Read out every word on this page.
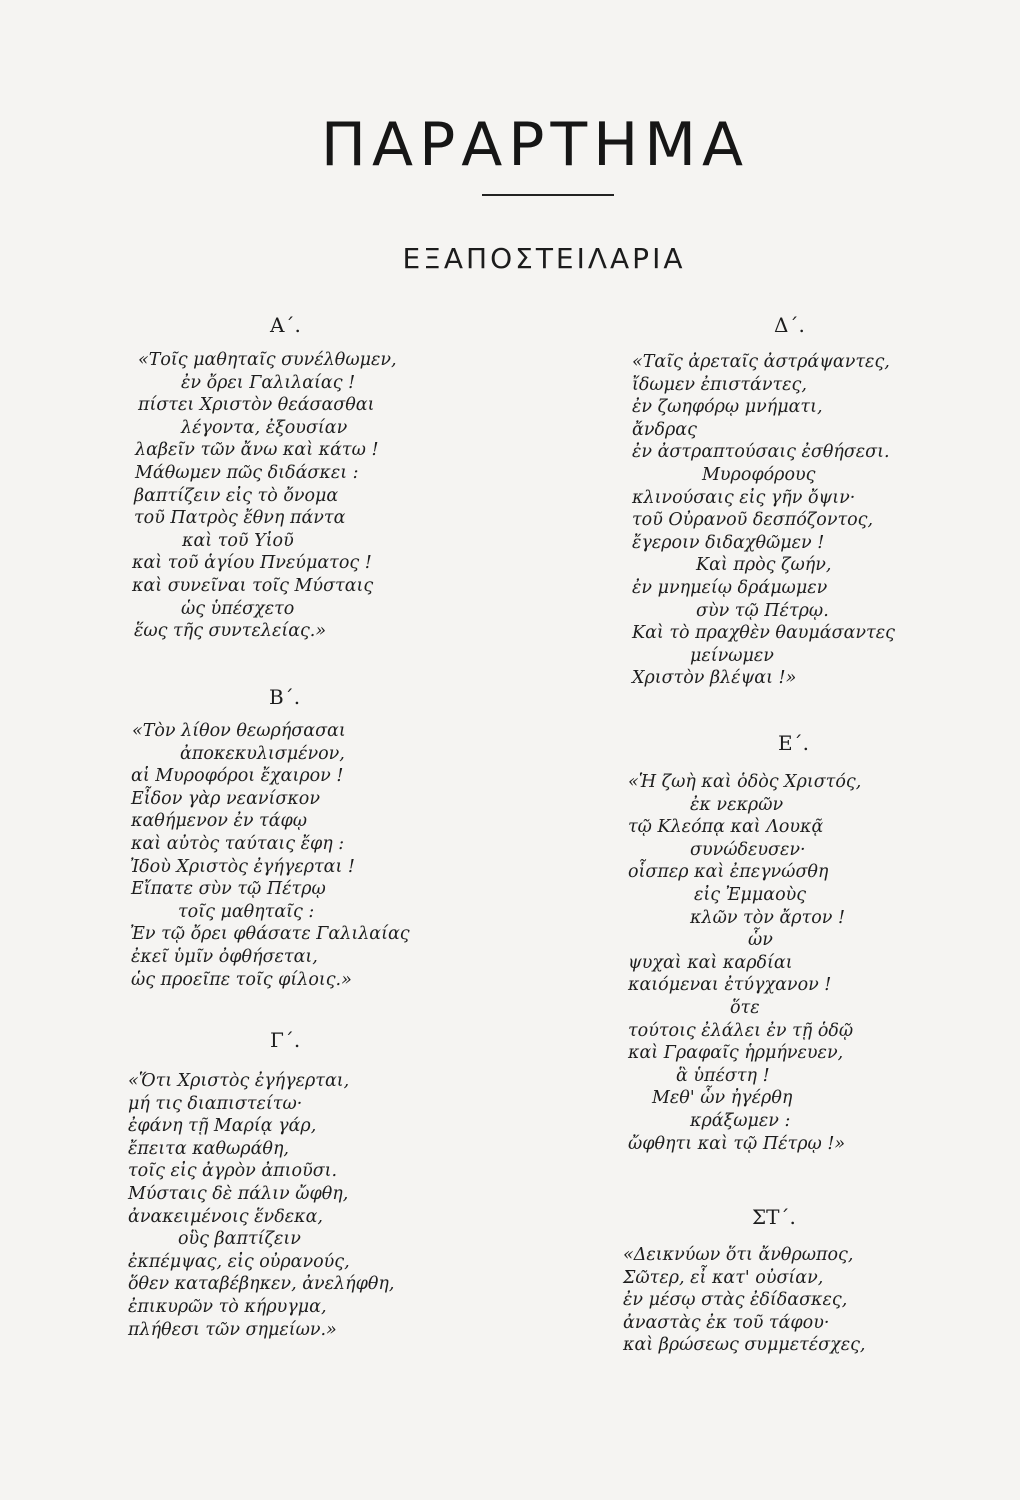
ΠΑΡΑΡΤΗΜΑ
ΕΞΑΠΟΣΤΕΙΛΑΡΙΑ
Α΄.
«Τοῖς μαθηταῖς συνέλθωμεν,
ἐν ὄρει Γαλιλαίας !
πίστει Χριστὸν θεάσασθαι
λέγοντα, ἐξουσίαν
λαβεῖν τῶν ἄνω καὶ κάτω !
Μάθωμεν πῶς διδάσκει :
βαπτίζειν εἰς τὸ ὄνομα
τοῦ Πατρὸς ἔθνη πάντα
καὶ τοῦ Υἱοῦ
καὶ τοῦ ἁγίου Πνεύματος !
καὶ συνεῖναι τοῖς Μύσταις
ὡς ὑπέσχετο
ἕως τῆς συντελείας.»
Β΄.
«Τὸν λίθον θεωρήσασαι
ἀποκεκυλισμένον,
αἱ Μυροφόροι ἔχαιρον !
Εἶδον γὰρ νεανίσκον
καθήμενον ἐν τάφῳ
καὶ αὐτὸς ταύταις ἔφη :
Ἰδοὺ Χριστὸς ἐγήγερται !
Εἴπατε σὺν τῷ Πέτρῳ
τοῖς μαθηταῖς :
Ἐν τῷ ὄρει φθάσατε Γαλιλαίας
ἐκεῖ ὑμῖν ὀφθήσεται,
ὡς προεῖπε τοῖς φίλοις.»
Γ΄.
«Ὅτι Χριστὸς ἐγήγερται,
μή τις διαπιστείτω·
ἐφάνη τῇ Μαρίᾳ γάρ,
ἔπειτα καθωράθη,
τοῖς εἰς ἀγρὸν ἀπιοῦσι.
Μύσταις δὲ πάλιν ὤφθη,
ἀνακειμένοις ἕνδεκα,
οὓς βαπτίζειν
ἐκπέμψας, εἰς οὐρανούς,
ὅθεν καταβέβηκεν, ἀνελήφθη,
ἐπικυρῶν τὸ κήρυγμα,
πλήθεσι τῶν σημείων.»
Δ΄.
«Ταῖς ἀρεταῖς ἀστράψαντες,
ἴδωμεν ἐπιστάντες,
ἐν ζωηφόρῳ μνήματι,
ἄνδρας
ἐν ἀστραπτούσαις ἐσθήσεσι.
Μυροφόρους
κλινούσαις εἰς γῆν ὄψιν·
τοῦ Οὐρανοῦ δεσπόζοντος,
ἔγεροιν διδαχθῶμεν !
Καὶ πρὸς ζωήν,
ἐν μνημείῳ δράμωμεν
σὺν τῷ Πέτρῳ.
Καὶ τὸ πραχθὲν θαυμάσαντες
μείνωμεν
Χριστὸν βλέψαι !»
Ε΄.
«Ἡ ζωὴ καὶ ὁδὸς Χριστός,
ἐκ νεκρῶν
τῷ Κλεόπᾳ καὶ Λουκᾷ
συνώδευσεν·
οἷσπερ καὶ ἐπεγνώσθη
εἰς Ἐμμαοὺς
κλῶν τὸν ἄρτον !
ὧν
ψυχαὶ καὶ καρδίαι
καιόμεναι ἐτύγχανον !
ὅτε
τούτοις ἐλάλει ἐν τῇ ὁδῷ
καὶ Γραφαῖς ἡρμήνευεν,
ἃ ὑπέστη !
Μεθ' ὧν ἠγέρθη
κράξωμεν :
ὤφθητι καὶ τῷ Πέτρῳ !»
ΣΤ΄.
«Δεικνύων ὅτι ἄνθρωπος,
Σῶτερ, εἶ κατ' οὐσίαν,
ἐν μέσῳ στὰς ἐδίδασκες,
ἀναστὰς ἐκ τοῦ τάφου·
καὶ βρώσεως συμμετέσχες,
